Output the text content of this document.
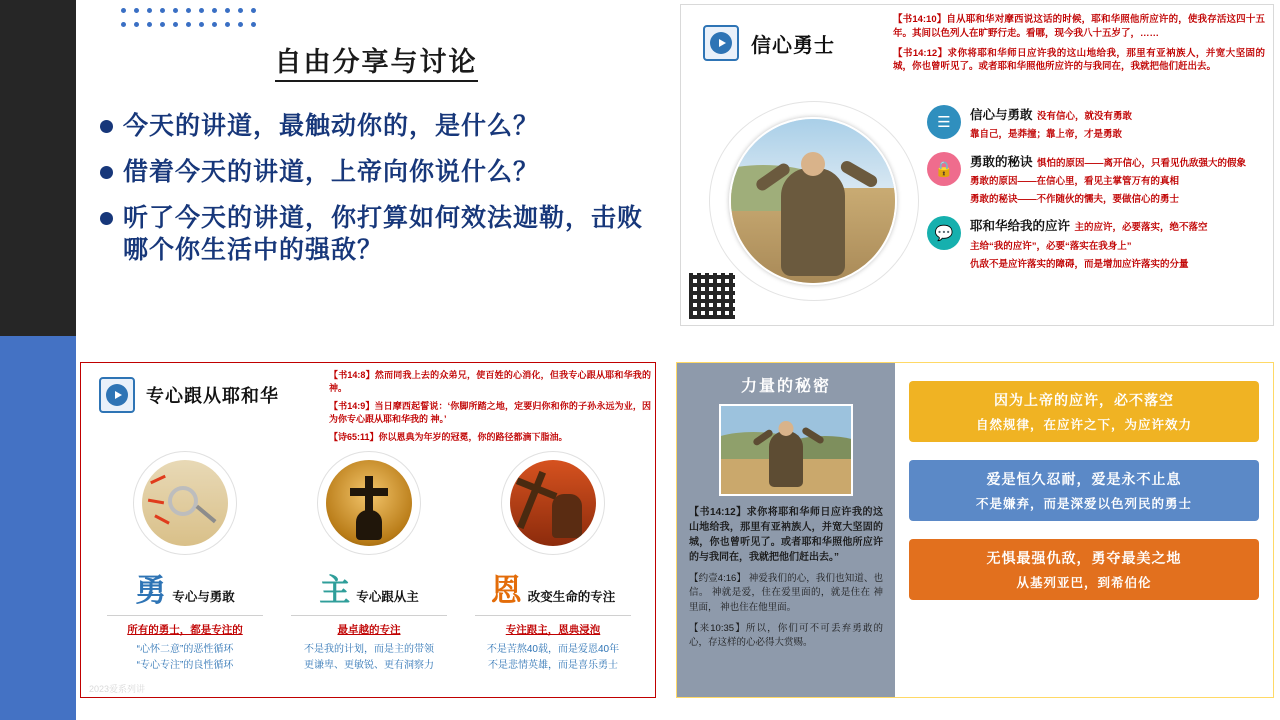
自由分享与讨论
今天的讲道，最触动你的，是什么？
借着今天的讲道，上帝向你说什么？
听了今天的讲道，你打算如何效法迦勒，击败哪个你生活中的强敌？
信心勇士
【书14:10】自从耶和华对摩西说这话的时候，耶和华照他所应许的，使我存活这四十五年。其间以色列人在旷野行走。看哪，现今我八十五岁了，……
【书14:12】求你将耶和华师日应许我的这山地给我，那里有亚衲族人，并宽大坚固的城，你也曾听见了。或者耶和华照他所应许的与我同在，我就把他们赶出去。
☰	信心与勇敢 没有信心，就没有勇敢
靠自己，是莽撞；靠上帝，才是勇敢
🔒	勇敢的秘诀 惧怕的原因——离开信心，只看见仇敌强大的假象
勇敢的原因——在信心里，看见主掌管万有的真相
勇敢的秘诀——不作随伙的懦夫，要做信心的勇士
💬	耶和华给我的应许 主的应许，必要落实，绝不落空
主给“我的应许”，必要“落实在我身上”
仇敌不是应许落实的障碍，而是增加应许落实的分量
专心跟从耶和华
【书14:8】然而同我上去的众弟兄，使百姓的心消化，但我专心跟从耶和华我的 神。
【书14:9】当日摩西起誓说：‘你脚所踏之地，定要归你和你的子孙永远为业，因为你专心跟从耶和华我的 神。’
【诗65:11】你以恩典为年岁的冠冕，你的路径都滴下脂油。
勇 专心与勇敢
所有的勇士，都是专注的
“心怀二意”的恶性循环
“专心专注”的良性循环
主 专心跟从主
最卓越的专注
不是我的计划，而是主的带领
更谦卑、更敏锐、更有洞察力
恩 改变生命的专注
专注跟主，恩典浸泡
不是苦熬40载，而是爱恩40年
不是悲情英雄，而是喜乐勇士
2023爱系列讲
力量的秘密
【书14:12】求你将耶和华师日应许我的这山地给我，那里有亚衲族人，并宽大坚固的城，你也曾听见了。或者耶和华照他所应许的与我同在，我就把他们赶出去。”
【约壹4:16】 神爱我们的心，我们也知道、也信。 神就是爱，住在爱里面的，就是住在 神里面， 神也住在他里面。
【来10:35】所以，你们可不可丢弃勇敢的心，存这样的心必得大赏赐。
因为上帝的应许，必不落空
自然规律，在应许之下，为应许效力
爱是恒久忍耐，爱是永不止息
不是嫌弃，而是深爱以色列民的勇士
无惧最强仇敌，勇夺最美之地
从基列亚巴，到希伯伦
